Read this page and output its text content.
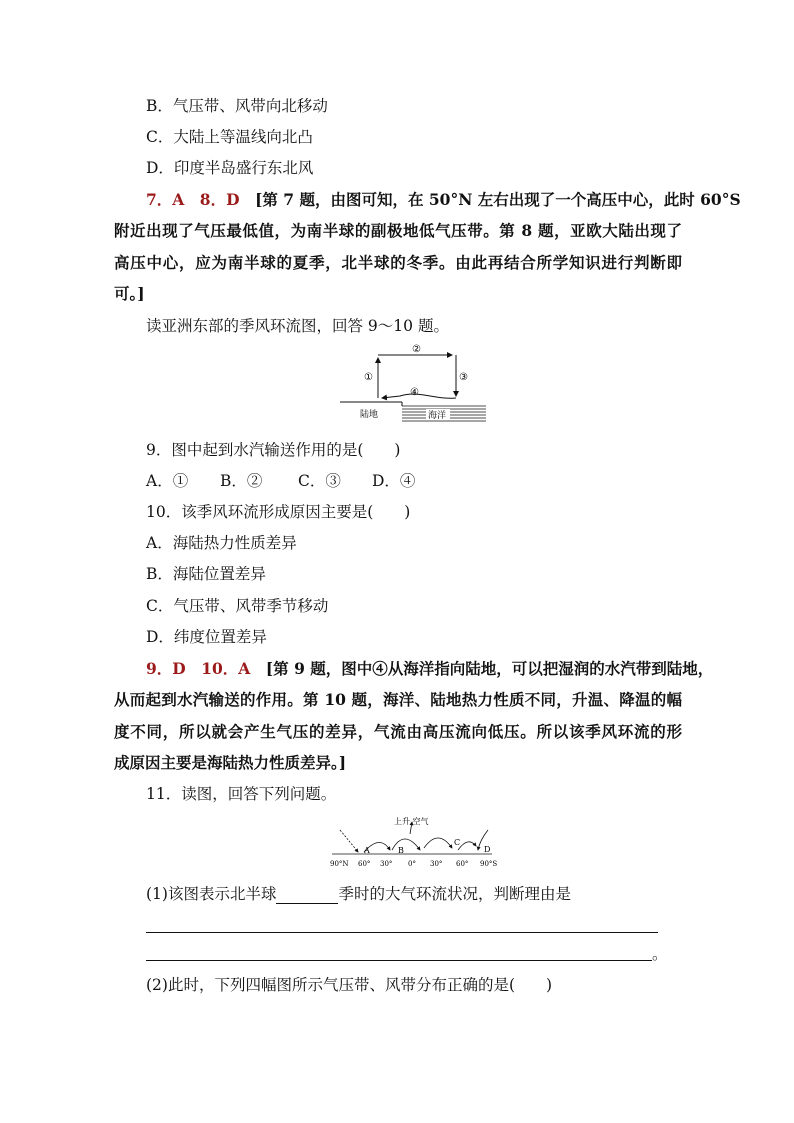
B．气压带、风带向北移动
C．大陆上等温线向北凸
D．印度半岛盛行东北风
7．A　8．D　 [第 7 题，由图可知，在 50°N 左右出现了一个高压中心，此时 60°S
附近出现了气压最低值，为南半球的副极地低气压带。第 8 题，亚欧大陆出现了
高压中心，应为南半球的夏季，北半球的冬季。由此再结合所学知识进行判断即
可。]
读亚洲东部的季风环流图，回答 9～10 题。
①
②
③
④
海洋
陆地
9．图中起到水汽输送作用的是(　　)
A．① B．② C．③ D．④
10．该季风环流形成原因主要是(　　)
A．海陆热力性质差异
B．海陆位置差异
C．气压带、风带季节移动
D．纬度位置差异
9．D　10．A　 [第 9 题，图中④从海洋指向陆地，可以把湿润的水汽带到陆地，
从而起到水汽输送的作用。第 10 题，海洋、陆地热力性质不同，升温、降温的幅
度不同，所以就会产生气压的差异，气流由高压流向低压。所以该季风环流的形
成原因主要是海陆热力性质差异。]
11．读图，回答下列问题。
上升 空气
A	B
C
D
90°N 60° 30° 0° 30° 60° 90°S
(1)该图表示北半球	季时的大气环流状况，判断理由是
。
(2)此时，下列四幅图所示气压带、风带分布正确的是(　　)
